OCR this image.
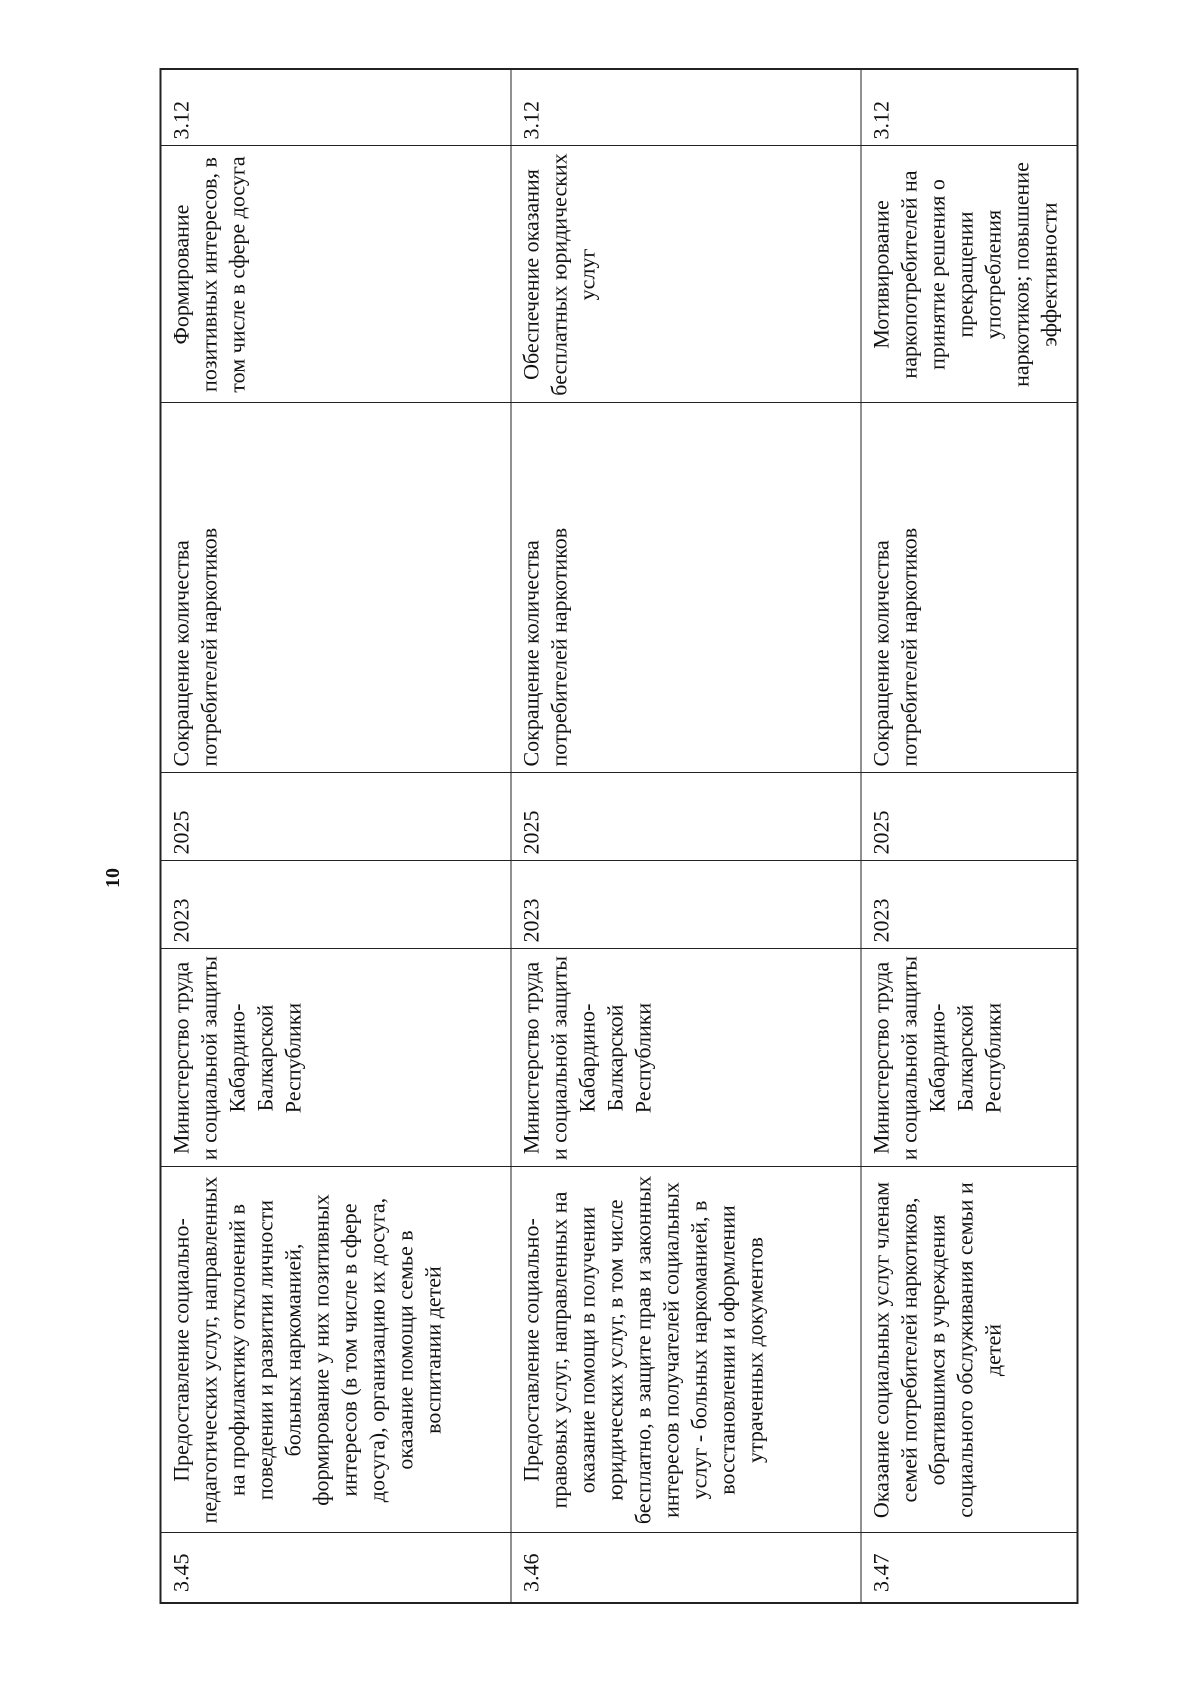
10
3.45	Предоставление социально-педагогических услуг, направленных на профилактику отклонений в поведении и развитии личности больных наркоманией, формирование у них позитивных интересов (в том числе в сфере досуга), организацию их досуга, оказание помощи семье в воспитании детей	Министерство труда и социальной защиты Кабардино-Балкарской Республики	2023	2025	Сокращение количества потребителей наркотиков	Формирование позитивных интересов, в том числе в сфере досуга	3.12
3.46	Предоставление социально-правовых услуг, направленных на оказание помощи в получении юридических услуг, в том числе бесплатно, в защите прав и законных интересов получателей социальных услуг - больных наркоманией, в восстановлении и оформлении утраченных документов	Министерство труда и социальной защиты Кабардино-Балкарской Республики	2023	2025	Сокращение количества потребителей наркотиков	Обеспечение оказания бесплатных юридических услуг	3.12
3.47	Оказание социальных услуг членам семей потребителей наркотиков, обратившимся в учреждения социального обслуживания семьи и детей	Министерство труда и социальной защиты Кабардино-Балкарской Республики	2023	2025	Сокращение количества потребителей наркотиков	Мотивирование наркопотребителей на принятие решения о прекращении употребления наркотиков; повышение эффективности	3.12
